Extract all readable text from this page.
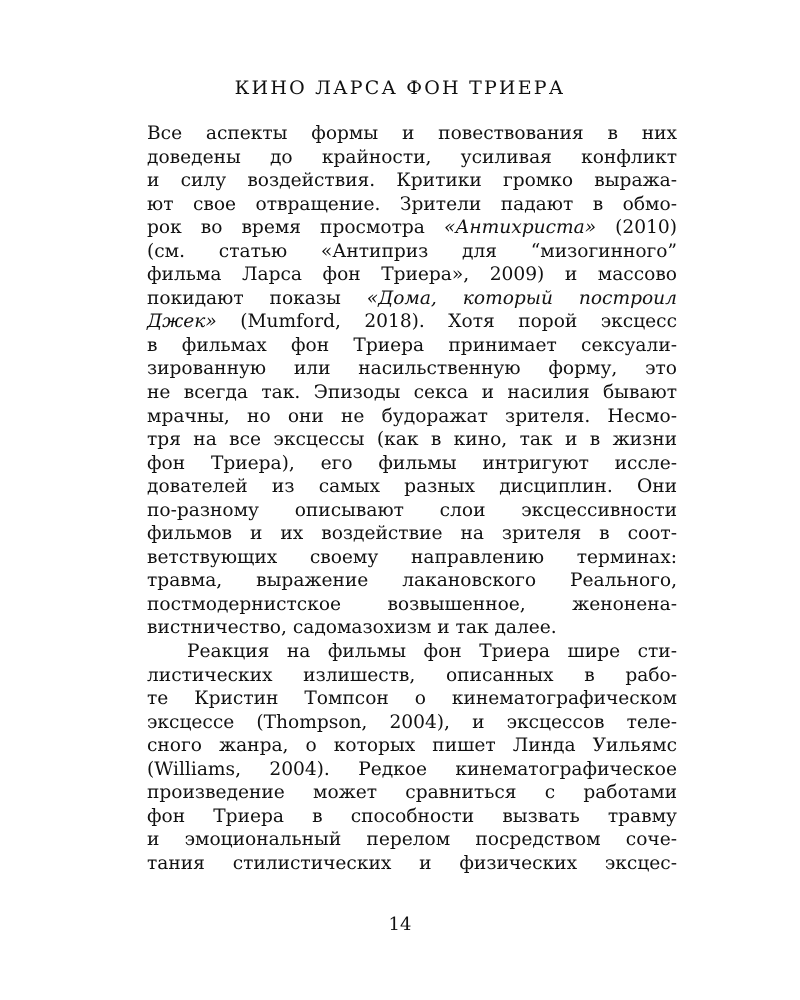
КИНО ЛАРСА ФОН ТРИЕРА
Все аспекты формы и повествования в них
доведены до крайности, усиливая конфликт
и силу воздействия. Критики громко выража-
ют свое отвращение. Зрители падают в обмо-
рок во время просмотра «Антихриста» (2010)
(см. статью «Антиприз для “мизогинного”
фильма Ларса фон Триера», 2009) и массово
покидают показы «Дома, который построил
Джек» (Mumford, 2018). Хотя порой эксцесс
в фильмах фон Триера принимает сексуали-
зированную или насильственную форму, это
не всегда так. Эпизоды секса и насилия бывают
мрачны, но они не будоражат зрителя. Несмо-
тря на все эксцессы (как в кино, так и в жизни
фон Триера), его фильмы интригуют иссле-
дователей из самых разных дисциплин. Они
по-разному описывают слои эксцессивности
фильмов и их воздействие на зрителя в соот-
ветствующих своему направлению терминах:
травма, выражение лакановского Реального,
постмодернистское возвышенное, женонена-
вистничество, садомазохизм и так далее.
Реакция на фильмы фон Триера шире сти-
листических излишеств, описанных в рабо-
те Кристин Томпсон о кинематографическом
эксцессе (Thompson, 2004), и эксцессов теле-
сного жанра, о которых пишет Линда Уильямс
(Williams, 2004). Редкое кинематографическое
произведение может сравниться с работами
фон Триера в способности вызвать травму
и эмоциональный перелом посредством соче-
тания стилистических и физических эксцес-
14
